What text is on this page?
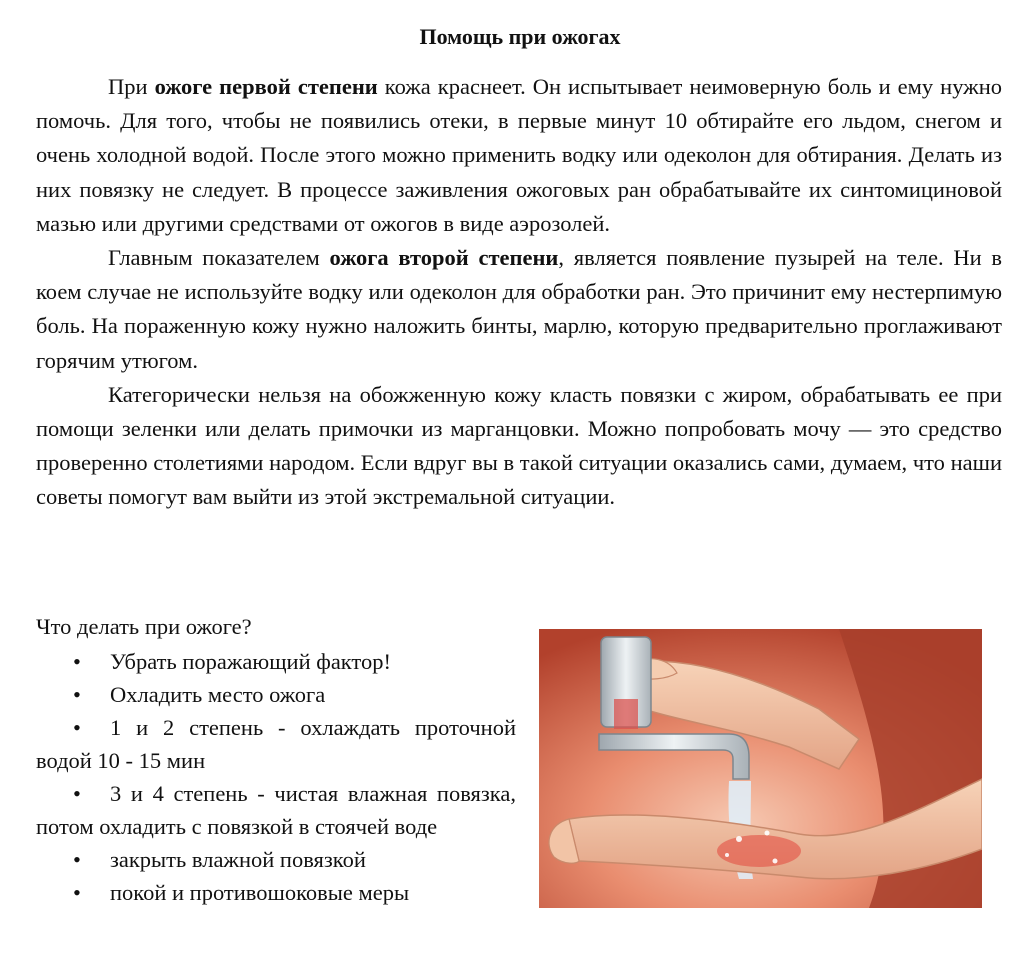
Помощь при ожогах

При ожоге первой степени кожа краснеет. Он испытывает неимоверную боль и ему нужно помочь. Для того, чтобы не появились отеки, в первые минут 10 обтирайте его льдом, снегом и очень холодной водой. После этого можно применить водку или одеколон для обтирания. Делать из них повязку не следует. В процессе заживления ожоговых ран обрабатывайте их синтомициновой мазью или другими средствами от ожогов в виде аэрозолей.

Главным показателем ожога второй степени, является появление пузырей на теле. Ни в коем случае не используйте водку или одеколон для обработки ран. Это причинит ему нестерпимую боль. На пораженную кожу нужно наложить бинты, марлю, которую предварительно проглаживают горячим утюгом.

Категорически нельзя на обожженную кожу класть повязки с жиром, обрабатывать ее при помощи зеленки или делать примочки из марганцовки. Можно попробовать мочу — это средство проверенно столетиями народом. Если вдруг вы в такой ситуации оказались сами, думаем, что наши советы помогут вам выйти из этой экстремальной ситуации.

Что делать при ожоге?

•	Убрать поражающий фактор!

•	Охладить место ожога

• 1 и 2 степень - охлаждать проточной водой 10 - 15 мин

• 3 и 4 степень - чистая влажная повязка, потом охладить с повязкой в стоячей воде

•	закрыть влажной повязкой

•	покой и противошоковые меры
